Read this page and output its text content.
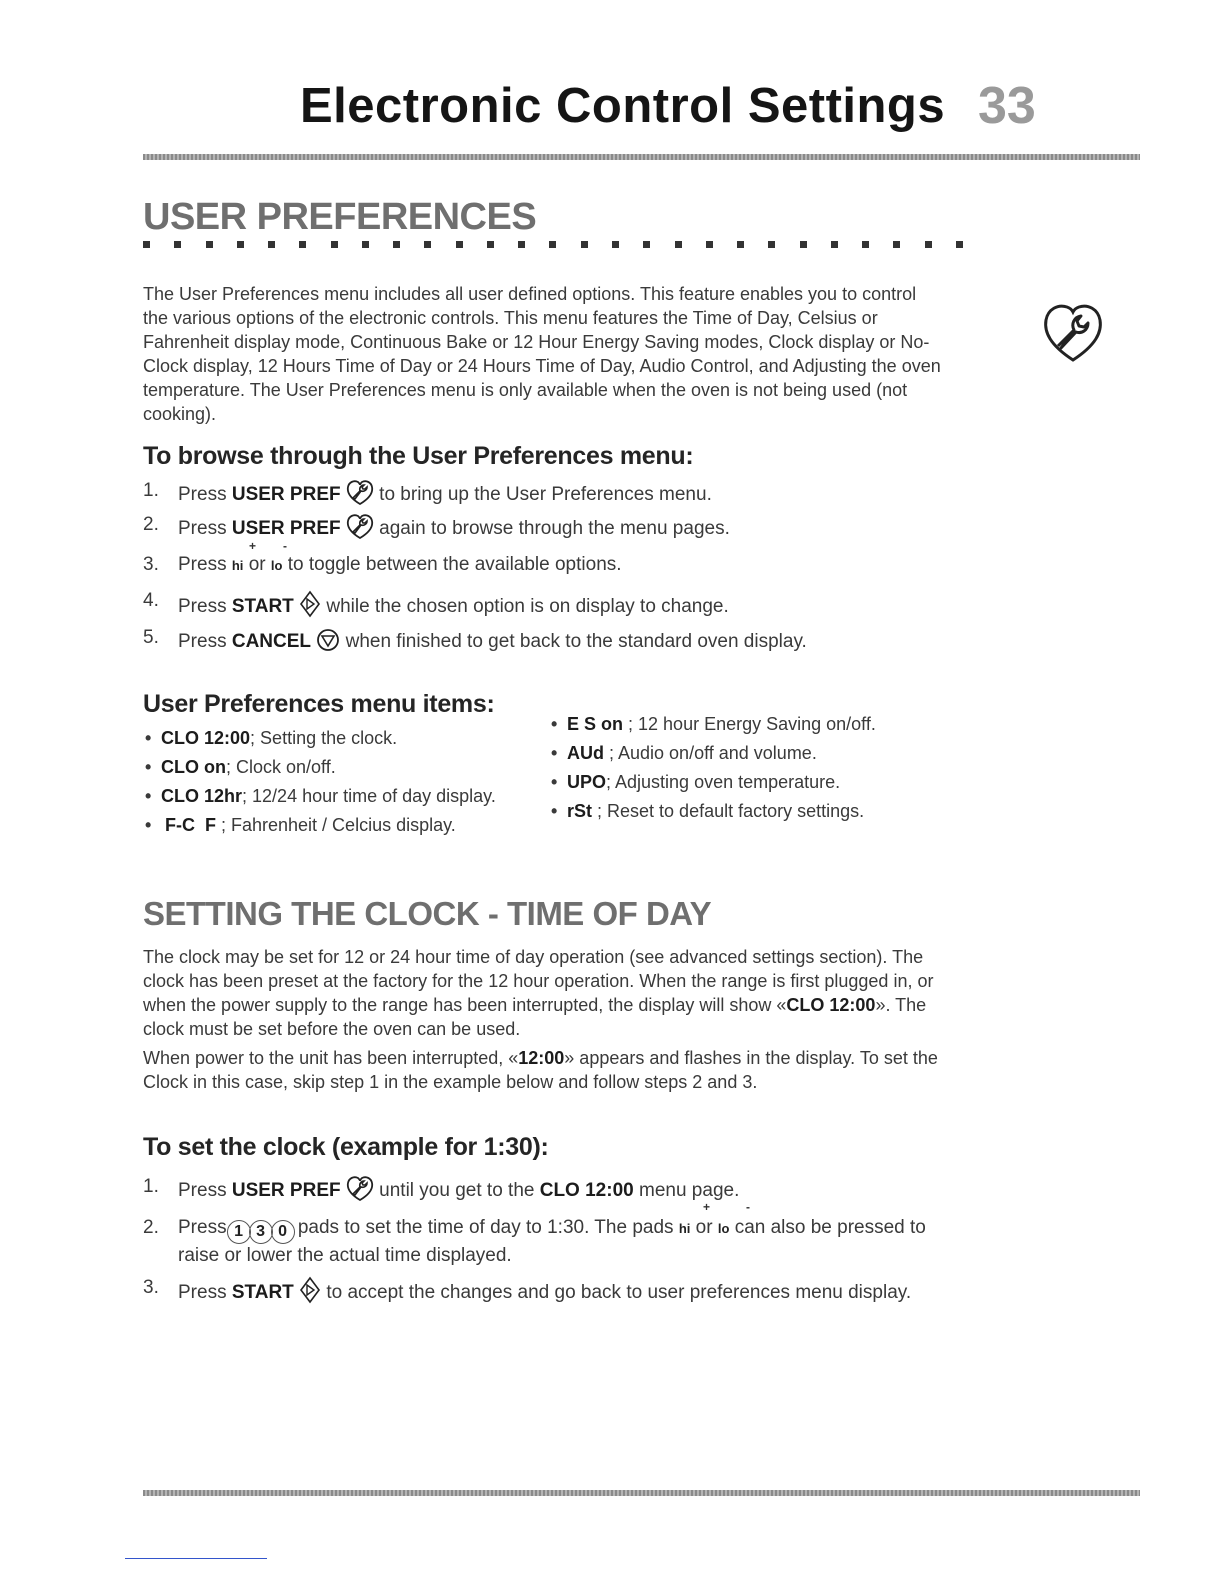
Electronic Control Settings 33
USER PREFERENCES
The User Preferences menu includes all user defined options. This feature enables you to control the various options of the electronic controls. This menu features the Time of Day, Celsius or Fahrenheit display mode, Continuous Bake or 12 Hour Energy Saving modes, Clock display or No-Clock display, 12 Hours Time of Day or 24 Hours Time of Day, Audio Control, and Adjusting the oven temperature. The User Preferences menu is only available when the oven is not being used (not cooking).
To browse through the User Preferences menu:
1. Press USER PREF to bring up the User Preferences menu.
2. Press USER PREF again to browse through the menu pages.
+ -
3. Press hi or lo to toggle between the available options.
4. Press START while the chosen option is on display to change.
5. Press CANCEL when finished to get back to the standard oven display.
User Preferences menu items:
• CLO 12:00; Setting the clock.
• CLO on; Clock on/off.
• CLO 12hr; 12/24 hour time of day display.
• F-C  F ; Fahrenheit / Celcius display.
• E S on ; 12 hour Energy Saving on/off.
• AUd ; Audio on/off and volume.
• UPO; Adjusting oven temperature.
• rSt ; Reset to default factory settings.
SETTING THE CLOCK - TIME OF DAY
The clock may be set for 12 or 24 hour time of day operation (see advanced settings section). The clock has been preset at the factory for the 12 hour operation. When the range is first plugged in, or when the power supply to the range has been interrupted, the display will show «CLO 12:00». The clock must be set before the oven can be used.
When power to the unit has been interrupted, «12:00» appears and flashes in the display. To set the Clock in this case, skip step 1 in the example below and follow steps 2 and 3.
To set the clock (example for 1:30):
1. Press USER PREF until you get to the CLO 12:00 menu page.
+	-
2. Press 1 3 0 pads to set the time of day to 1:30. The pads hi or lo can also be pressed to raise or lower the actual time displayed.
3. Press START to accept the changes and go back to user preferences menu display.
